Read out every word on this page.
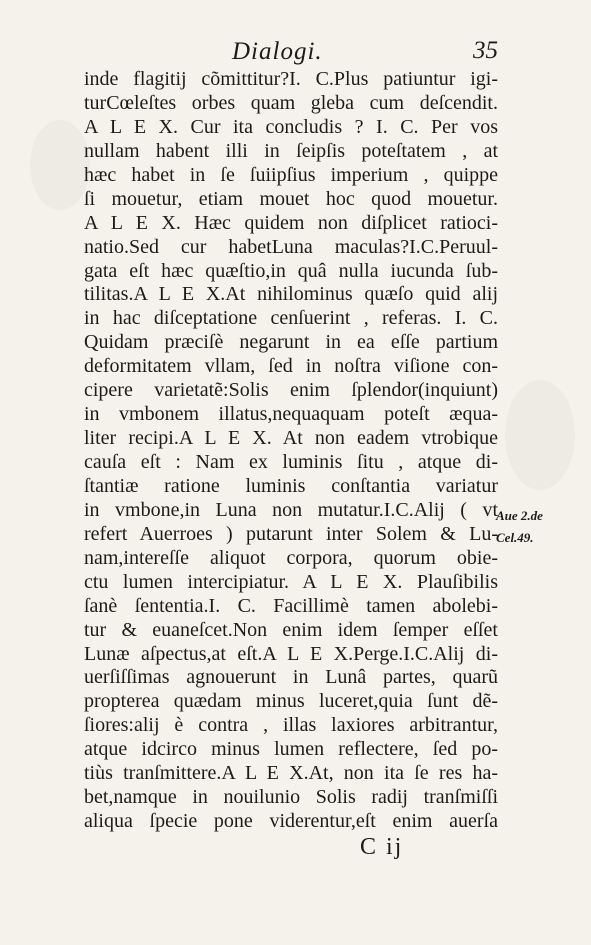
Dialogi.	35
inde flagitij cõmittitur?I. C.Plus patiuntur igi-
turCœleſtes orbes quam gleba cum deſcendit.
A L E X. Cur ita concludis ? I. C. Per vos
nullam habent illi in ſeipſis poteſtatem , at
hæc habet in ſe ſuiipſius imperium , quippe
ſi mouetur, etiam mouet hoc quod mouetur.
A L E X. Hæc quidem non diſplicet ratioci-
natio.Sed cur habetLuna maculas?I.C.Peruul-
gata eſt hæc quæſtio,in quâ nulla iucunda ſub-
tilitas.A L E X.At nihilominus quæſo quid alij
in hac diſceptatione cenſuerint , referas. I. C.
Quidam præciſè negarunt in ea eſſe partium
deformitatem vllam, ſed in noſtra viſione con-
cipere varietatẽ:Solis enim ſplendor(inquiunt)
in vmbonem illatus,nequaquam poteſt æqua-
liter recipi.A L E X. At non eadem vtrobique
cauſa eſt : Nam ex luminis ſitu , atque di-
ſtantiæ ratione luminis conſtantia variatur
in vmbone,in Luna non mutatur.I.C.Alij ( vt
refert Auerroes ) putarunt inter Solem & Lu-
nam,intereſſe aliquot corpora, quorum obie-
ctu lumen intercipiatur. A L E X. Plauſibilis
ſanè ſententia.I. C. Facillimè tamen abolebi-
tur & euaneſcet.Non enim idem ſemper eſſet
Lunæ aſpectus,at eſt.A L E X.Perge.I.C.Alij di-
uerſiſſimas agnouerunt in Lunâ partes, quarũ
propterea quædam minus luceret,quia ſunt dẽ-
ſiores:alij è contra , illas laxiores arbitrantur,
atque idcirco minus lumen reflectere, ſed po-
tiùs tranſmittere.A L E X.At, non ita ſe res ha-
bet,namque in nouilunio Solis radij tranſmiſſi
aliqua ſpecie pone viderentur,eſt enim auerſa
Aue 2.de
Cel.49.
C ij
